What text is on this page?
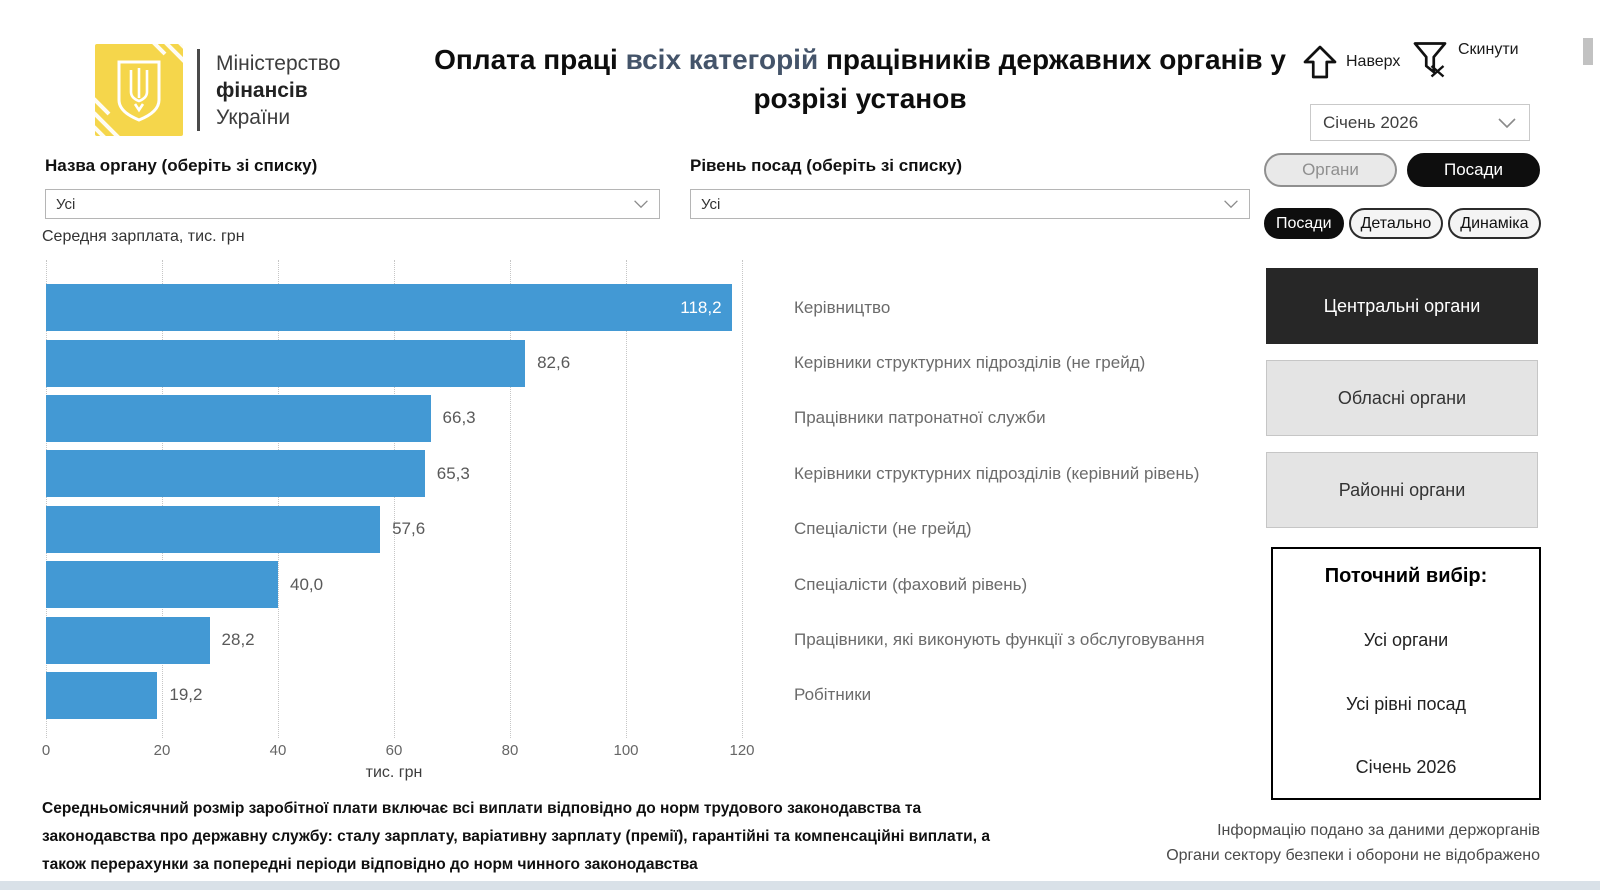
Міністерство
фінансів
України
Оплата праці всіх категорій працівників державних органів у розрізі установ
Наверх
Скинути
Січень 2026
Органи	Посади
Посади	Детально	Динаміка
Назва органу (оберіть зі списку)
Усі
Рівень посад (оберіть зі списку)
Усі
Середня зарплата, тис. грн
118,2	Керівництво
82,6	Керівники структурних підрозділів (не грейд)
66,3	Працівники патронатної служби
65,3	Керівники структурних підрозділів (керівний рівень)
57,6	Спеціалісти (не грейд)
40,0	Спеціалісти (фаховий рівень)
28,2	Працівники, які виконують функції з обслуговування
19,2	Робітники
0	20	40	60	80	100	120
тис. грн
Центральні органи
Обласні органи
Районні органи
Поточний вибір:
Усі органи
Усі рівні посад
Січень 2026
Середньомісячний розмір заробітної плати включає всі виплати відповідно до норм трудового законодавства та
законодавства про державну службу: сталу зарплату, варіативну зарплату (премії), гарантійні та компенсаційні виплати, а
також перерахунки за попередні періоди відповідно до норм чинного законодавства
Інформацію подано за даними держорганів
Органи сектору безпеки і оборони не відображено
